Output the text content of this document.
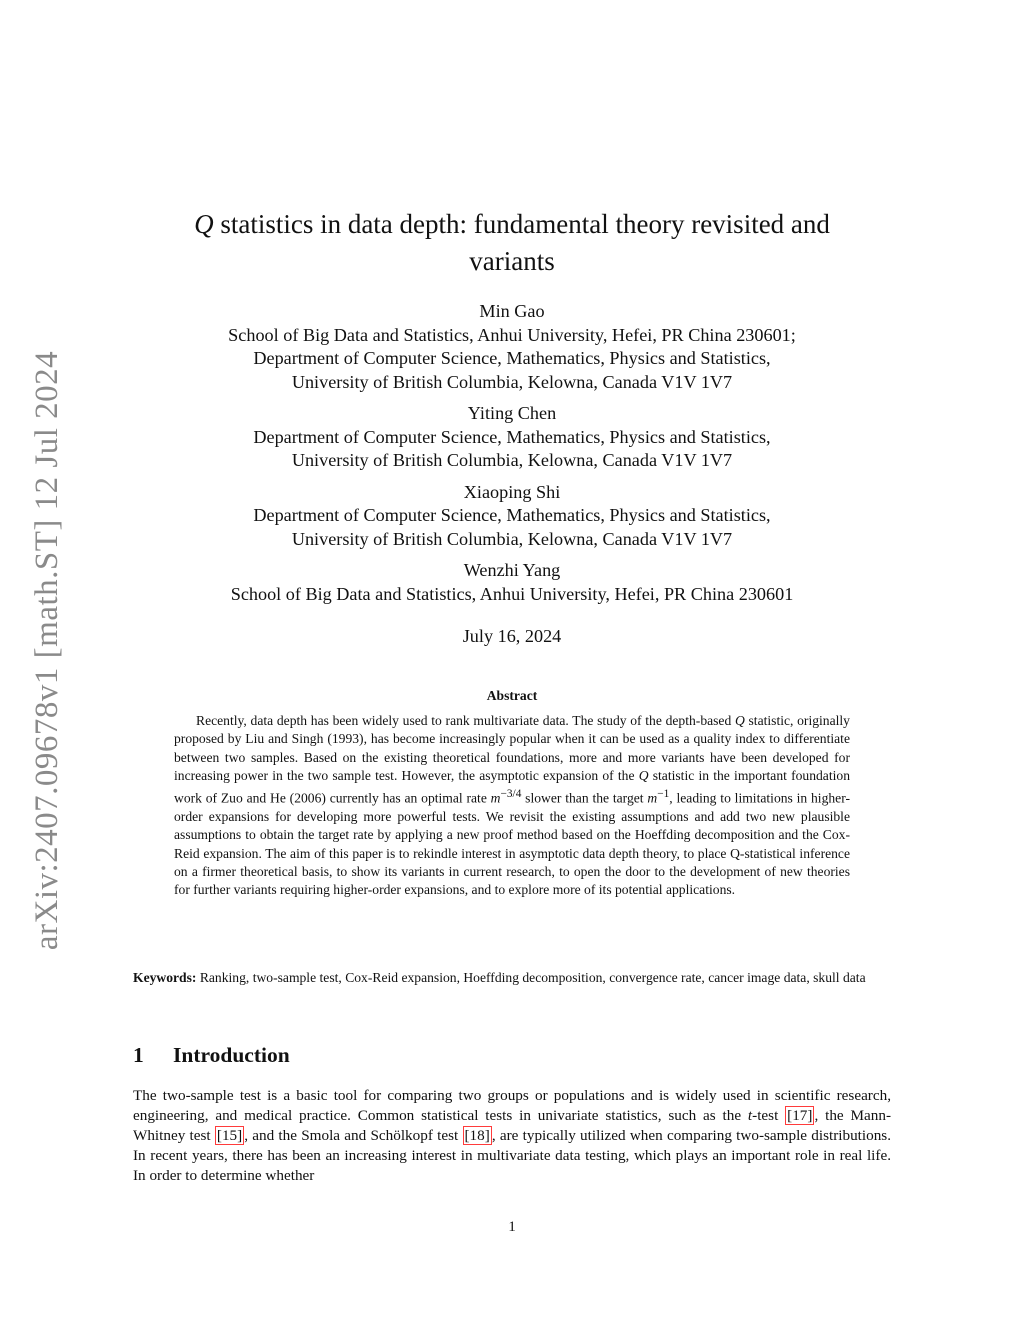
arXiv:2407.09678v1 [math.ST] 12 Jul 2024
Q statistics in data depth: fundamental theory revisited and variants
Min Gao
School of Big Data and Statistics, Anhui University, Hefei, PR China 230601;
Department of Computer Science, Mathematics, Physics and Statistics,
University of British Columbia, Kelowna, Canada V1V 1V7
Yiting Chen
Department of Computer Science, Mathematics, Physics and Statistics,
University of British Columbia, Kelowna, Canada V1V 1V7
Xiaoping Shi
Department of Computer Science, Mathematics, Physics and Statistics,
University of British Columbia, Kelowna, Canada V1V 1V7
Wenzhi Yang
School of Big Data and Statistics, Anhui University, Hefei, PR China 230601
July 16, 2024
Abstract

Recently, data depth has been widely used to rank multivariate data. The study of the depth-based Q statistic, originally proposed by Liu and Singh (1993), has become increasingly popular when it can be used as a quality index to differentiate between two samples. Based on the existing theoretical foundations, more and more variants have been developed for increasing power in the two sample test. However, the asymptotic expansion of the Q statistic in the important foundation work of Zuo and He (2006) currently has an optimal rate $m^{-3/4}$ slower than the target $m^{-1}$, leading to limitations in higher-order expansions for developing more powerful tests. We revisit the existing assumptions and add two new plausible assumptions to obtain the target rate by applying a new proof method based on the Hoeffding decomposition and the Cox-Reid expansion. The aim of this paper is to rekindle interest in asymptotic data depth theory, to place Q-statistical inference on a firmer theoretical basis, to show its variants in current research, to open the door to the development of new theories for further variants requiring higher-order expansions, and to explore more of its potential applications.

Keywords: Ranking, two-sample test, Cox-Reid expansion, Hoeffding decomposition, convergence rate, cancer image data, skull data
1 Introduction

The two-sample test is a basic tool for comparing two groups or populations and is widely used in scientific research, engineering, and medical practice. Common statistical tests in univariate statistics, such as the t-test [17] , the Mann-Whitney test [15] , and the Smola and Schölkopf test [18] , are typically utilized when comparing two-sample distributions. In recent years, there has been an increasing interest in multivariate data testing, which plays an important role in real life. In order to determine whether

1
